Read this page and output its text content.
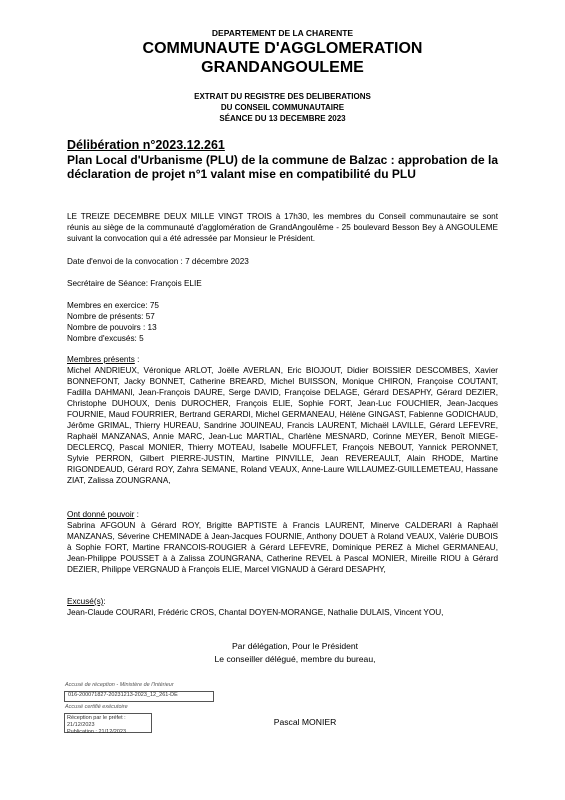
DEPARTEMENT DE LA CHARENTE
COMMUNAUTE D'AGGLOMERATION
GRANDANGOULEME
EXTRAIT DU REGISTRE DES DELIBERATIONS
DU CONSEIL COMMUNAUTAIRE
SÉANCE DU 13 DECEMBRE 2023
Délibération n°2023.12.261
Plan Local d'Urbanisme (PLU) de la commune de Balzac : approbation de la déclaration de projet n°1 valant mise en compatibilité du PLU
LE TREIZE DECEMBRE DEUX MILLE VINGT TROIS à 17h30, les membres du Conseil communautaire se sont réunis au siège de la communauté d'agglomération de GrandAngoulême - 25 boulevard Besson Bey à ANGOULEME suivant la convocation qui a été adressée par Monsieur le Président.
Date d'envoi de la convocation : 7 décembre 2023
Secrétaire de Séance: François ELIE
Membres en exercice: 75
Nombre de présents: 57
Nombre de pouvoirs : 13
Nombre d'excusés: 5
Membres présents :
Michel ANDRIEUX, Véronique ARLOT, Joëlle AVERLAN, Eric BIOJOUT, Didier BOISSIER DESCOMBES, Xavier BONNEFONT, Jacky BONNET, Catherine BREARD, Michel BUISSON, Monique CHIRON, Françoise COUTANT, Fadilla DAHMANI, Jean-François DAURE, Serge DAVID, Françoise DELAGE, Gérard DESAPHY, Gérard DEZIER, Christophe DUHOUX, Denis DUROCHER, François ELIE, Sophie FORT, Jean-Luc FOUCHIER, Jean-Jacques FOURNIE, Maud FOURRIER, Bertrand GERARDI, Michel GERMANEAU, Hélène GINGAST, Fabienne GODICHAUD, Jérôme GRIMAL, Thierry HUREAU, Sandrine JOUINEAU, Francis LAURENT, Michaël LAVILLE, Gérard LEFEVRE, Raphaël MANZANAS, Annie MARC, Jean-Luc MARTIAL, Charlène MESNARD, Corinne MEYER, Benoît MIEGE-DECLERCQ, Pascal MONIER, Thierry MOTEAU, Isabelle MOUFFLET, François NEBOUT, Yannick PERONNET, Sylvie PERRON, Gilbert PIERRE-JUSTIN, Martine PINVILLE, Jean REVEREAULT, Alain RHODE, Martine RIGONDEAUD, Gérard ROY, Zahra SEMANE, Roland VEAUX, Anne-Laure WILLAUMEZ-GUILLEMETEAU, Hassane ZIAT, Zalissa ZOUNGRANA,
Ont donné pouvoir :
Sabrina AFGOUN à Gérard ROY, Brigitte BAPTISTE à Francis LAURENT, Minerve CALDERARI à Raphaël MANZANAS, Séverine CHEMINADE à Jean-Jacques FOURNIE, Anthony DOUET à Roland VEAUX, Valérie DUBOIS à Sophie FORT, Martine FRANCOIS-ROUGIER à Gérard LEFEVRE, Dominique PEREZ à Michel GERMANEAU, Jean-Philippe POUSSET à à Zalissa ZOUNGRANA, Catherine REVEL à Pascal MONIER, Mireille RIOU à Gérard DEZIER, Philippe VERGNAUD à François ELIE, Marcel VIGNAUD à Gérard DESAPHY,
Excusé(s):
Jean-Claude COURARI, Frédéric CROS, Chantal DOYEN-MORANGE, Nathalie DULAIS, Vincent YOU,
Par délégation, Pour le Président
Le conseiller délégué, membre du bureau,
Pascal MONIER
Accusé de réception - Ministère de l'Intérieur
016-200071827-20231213-2023_12_261-DE
Accusé certifié exécutoire
Réception par le préfet : 21/12/2023
Publication : 21/12/2023
